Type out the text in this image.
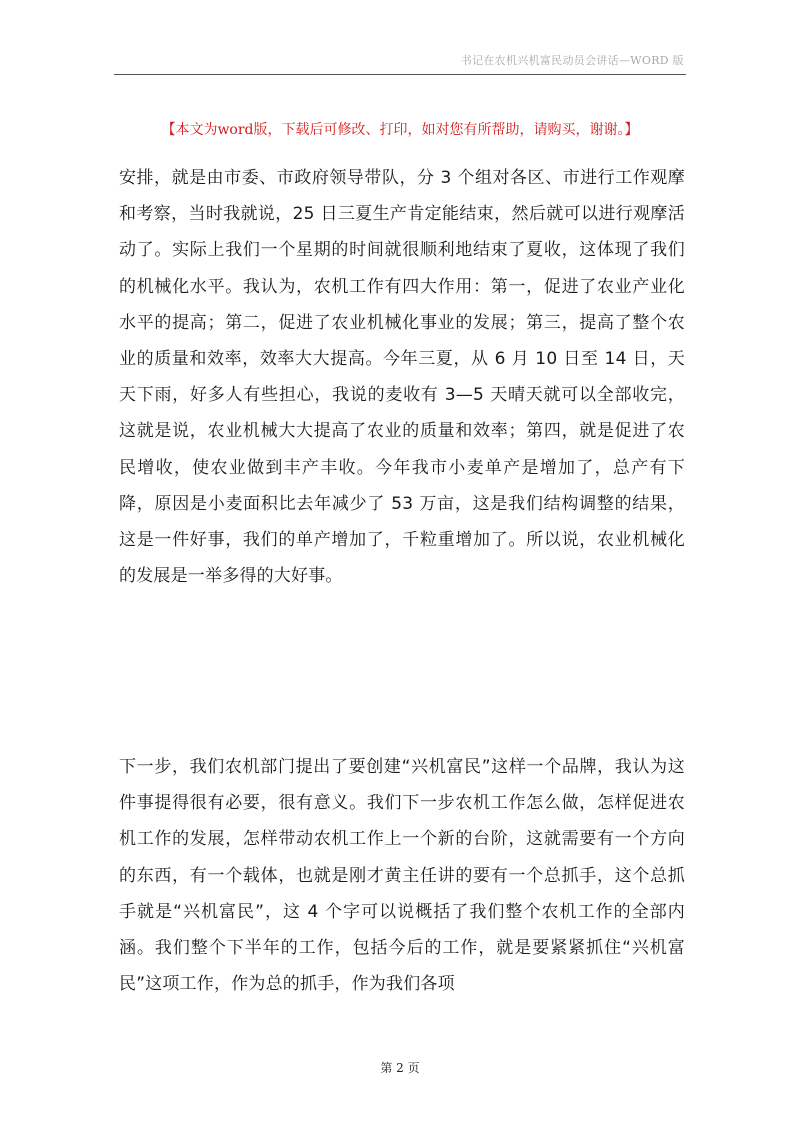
书记在农机兴机富民动员会讲话—WORD 版
【本文为word版，下载后可修改、打印，如对您有所帮助，请购买，谢谢。】

安排，就是由市委、市政府领导带队，分 3 个组对各区、市进行工作观摩和考察，当时我就说，25 日三夏生产肯定能结束，然后就可以进行观摩活动了。实际上我们一个星期的时间就很顺利地结束了夏收，这体现了我们的机械化水平。我认为，农机工作有四大作用：第一，促进了农业产业化水平的提高；第二，促进了农业机械化事业的发展；第三，提高了整个农业的质量和效率，效率大大提高。今年三夏，从 6 月 10 日至 14 日，天天下雨，好多人有些担心，我说的麦收有 3—5 天晴天就可以全部收完，这就是说，农业机械大大提高了农业的质量和效率；第四，就是促进了农民增收，使农业做到丰产丰收。今年我市小麦单产是增加了，总产有下降，原因是小麦面积比去年减少了 53 万亩，这是我们结构调整的结果，这是一件好事，我们的单产增加了，千粒重增加了。所以说，农业机械化的发展是一举多得的大好事。

下一步，我们农机部门提出了要创建“兴机富民”这样一个品牌，我认为这件事提得很有必要，很有意义。我们下一步农机工作怎么做，怎样促进农机工作的发展，怎样带动农机工作上一个新的台阶，这就需要有一个方向的东西，有一个载体，也就是刚才黄主任讲的要有一个总抓手，这个总抓手就是“兴机富民”，这 4 个字可以说概括了我们整个农机工作的全部内涵。我们整个下半年的工作，包括今后的工作，就是要紧紧抓住“兴机富民”这项工作，作为总的抓手，作为我们各项

第 2 页
